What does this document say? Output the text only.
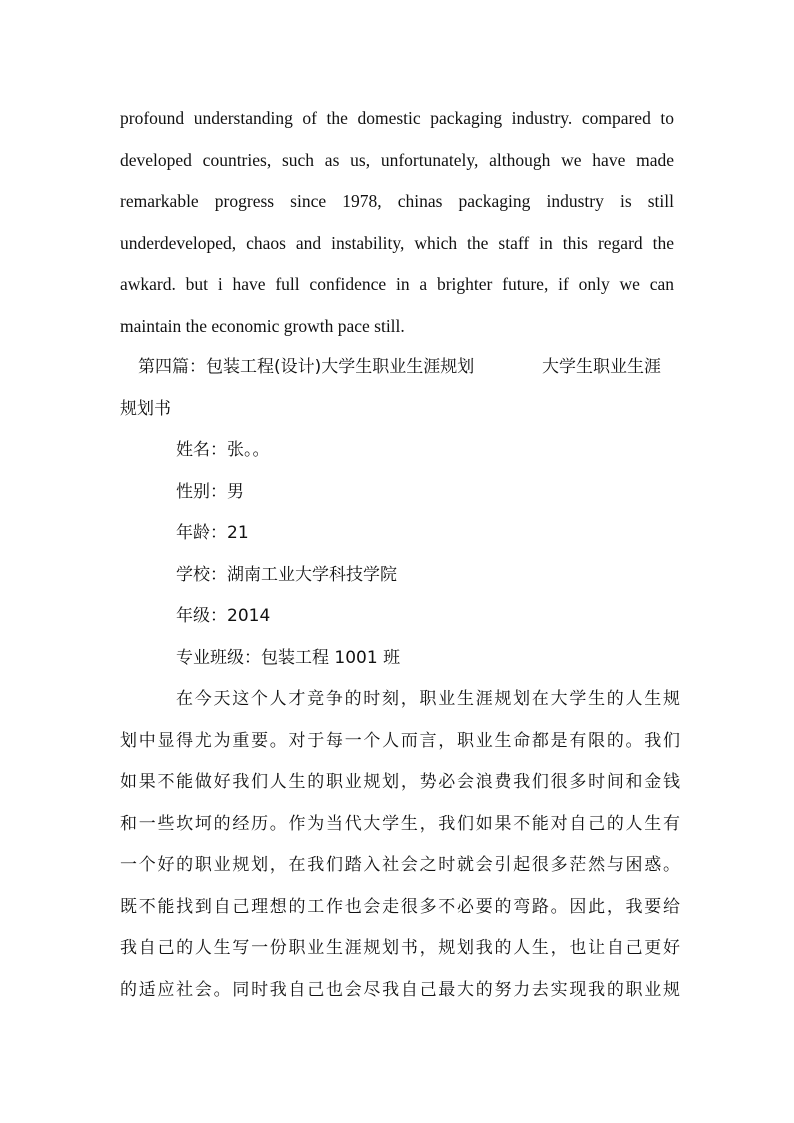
profound understanding of the domestic packaging industry. compared to
developed countries, such as us, unfortunately, although we have made
remarkable progress since 1978, chinas packaging industry is still
underdeveloped, chaos and instability, which the staff in this regard the
awkard. but i have full confidence in a brighter future, if only we can
maintain the economic growth pace still.
第四篇：包装工程(设计)大学生职业生涯规划	大学生职业生涯
规划书
姓名：张。。
性别：男
年龄：21
学校：湖南工业大学科技学院
年级：2014
专业班级：包装工程 1001 班
在今天这个人才竞争的时刻，职业生涯规划在大学生的人生规
划中显得尤为重要。对于每一个人而言，职业生命都是有限的。我们
如果不能做好我们人生的职业规划，势必会浪费我们很多时间和金钱
和一些坎坷的经历。作为当代大学生，我们如果不能对自己的人生有
一个好的职业规划，在我们踏入社会之时就会引起很多茫然与困惑。
既不能找到自己理想的工作也会走很多不必要的弯路。因此，我要给
我自己的人生写一份职业生涯规划书，规划我的人生，也让自己更好
的适应社会。同时我自己也会尽我自己最大的努力去实现我的职业规
